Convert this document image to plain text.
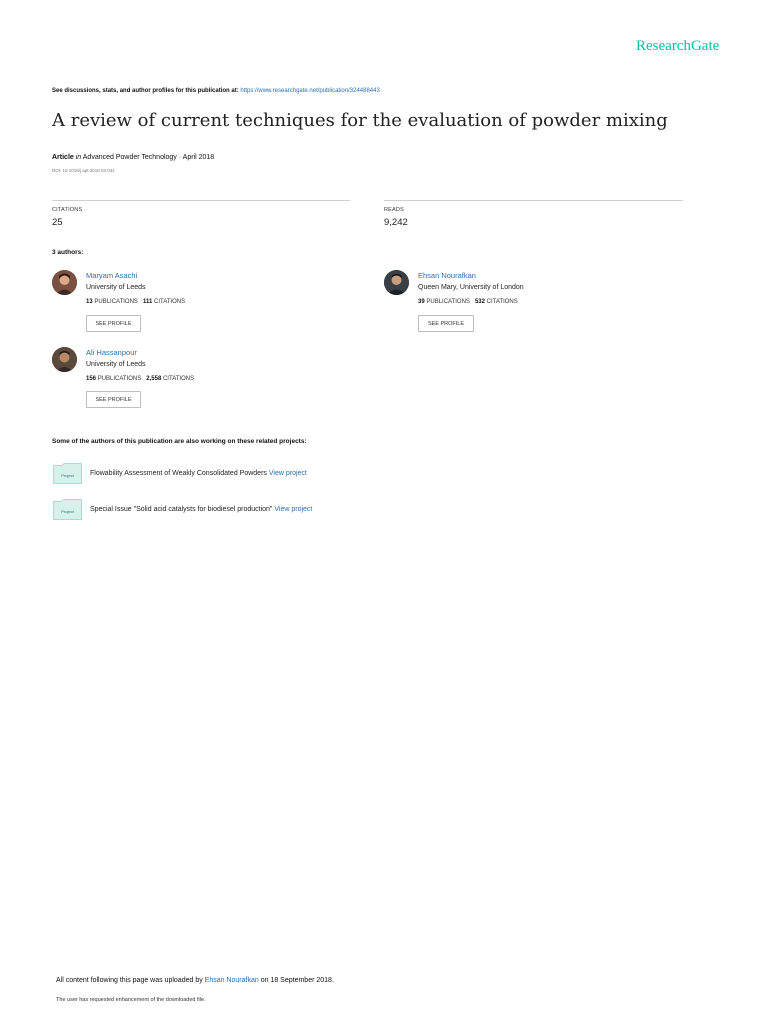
ResearchGate
See discussions, stats, and author profiles for this publication at: https://www.researchgate.net/publication/324488443
A review of current techniques for the evaluation of powder mixing
Article in Advanced Powder Technology · April 2018
DOI: 10.1016/j.apt.2018.03.031
CITATIONS
25
READS
9,242
3 authors:
Maryam Asachi
University of Leeds
13 PUBLICATIONS 111 CITATIONS
SEE PROFILE
Ehsan Nourafkan
Queen Mary, University of London
39 PUBLICATIONS 532 CITATIONS
SEE PROFILE
Ali Hassanpour
University of Leeds
156 PUBLICATIONS 2,558 CITATIONS
SEE PROFILE
Some of the authors of this publication are also working on these related projects:
Project	Flowability Assessment of Weakly Consolidated Powders View project
Project	Special Issue "Solid acid catalysts for biodiesel production" View project
All content following this page was uploaded by Ehsan Nourafkan on 18 September 2018.
The user has requested enhancement of the downloaded file.
